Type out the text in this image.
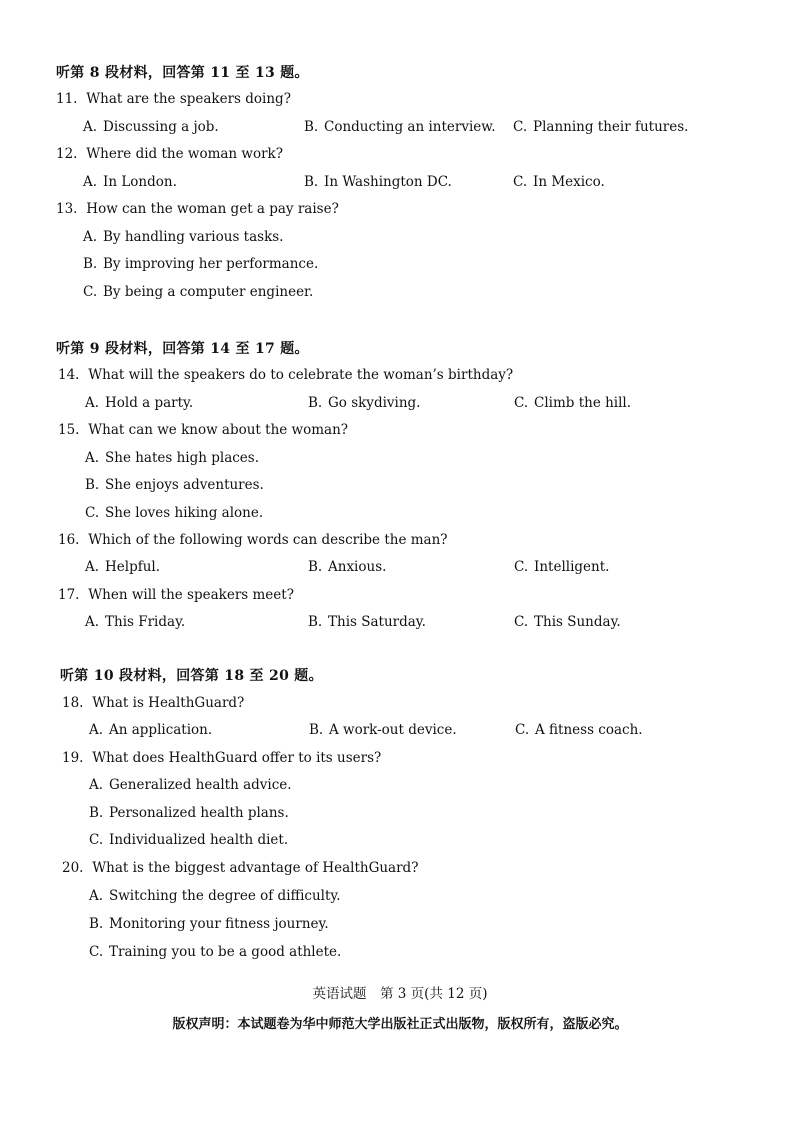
听第 8 段材料，回答第 11 至 13 题。
11. What are the speakers doing?
A. Discussing a job.	B. Conducting an interview. C. Planning their futures.
12. Where did the woman work?
A. In London.	B. In Washington DC.	C. In Mexico.
13. How can the woman get a pay raise?
A. By handling various tasks.
B. By improving her performance.
C. By being a computer engineer.
听第 9 段材料，回答第 14 至 17 题。
14. What will the speakers do to celebrate the woman’s birthday?
A. Hold a party.	B. Go skydiving.	C. Climb the hill.
15. What can we know about the woman?
A. She hates high places.
B. She enjoys adventures.
C. She loves hiking alone.
16. Which of the following words can describe the man?
A. Helpful.	B. Anxious.	C. Intelligent.
17. When will the speakers meet?
A. This Friday.	B. This Saturday.	C. This Sunday.
听第 10 段材料，回答第 18 至 20 题。
18. What is HealthGuard?
A. An application.	B. A work-out device.	C. A fitness coach.
19. What does HealthGuard offer to its users?
A. Generalized health advice.
B. Personalized health plans.
C. Individualized health diet.
20. What is the biggest advantage of HealthGuard?
A. Switching the degree of difficulty.
B. Monitoring your fitness journey.
C. Training you to be a good athlete.
英语试题　第 3 页(共 12 页)
版权声明：本试题卷为华中师范大学出版社正式出版物，版权所有，盗版必究。
